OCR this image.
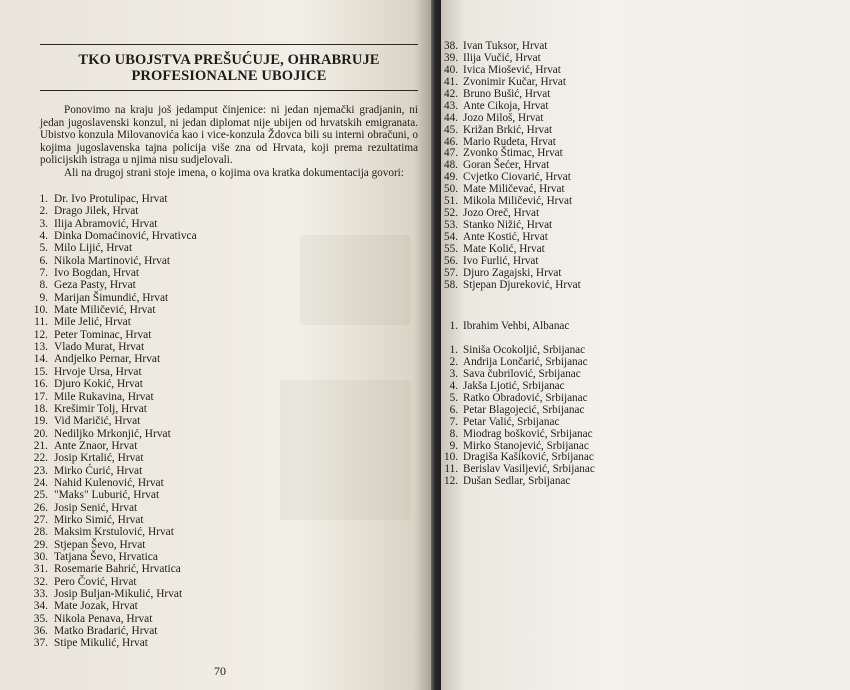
TKO UBOJSTVA PREŠUĆUJE, OHRABRUJE
PROFESIONALNE UBOJICE

Ponovimo na kraju još jedamput činjenice: ni jedan njemački gradjanin, ni jedan jugoslavenski konzul, ni jedan diplomat nije ubijen od hrvatskih emigranata. Ubistvo konzula Milovanovića kao i vice-konzula Ždovca bili su interni obračuni, o kojima jugoslavenska tajna policija više zna od Hrvata, koji prema rezultatima policijskih istraga u njima nisu sudjelovali.

Ali na drugoj strani stoje imena, o kojima ova kratka dokumentacija govori:

1. Dr. Ivo Protulipac, Hrvat
2. Drago Jilek, Hrvat
3. Ilija Abramović, Hrvat
4. Dinka Domaćinović, Hrvativca
5. Milo Lijić, Hrvat
6. Nikola Martinović, Hrvat
7. Ivo Bogdan, Hrvat
8. Geza Pasty, Hrvat
9. Marijan Šimundić, Hrvat
10. Mate Miličević, Hrvat
11. Mile Jelić, Hrvat
12. Peter Tominac, Hrvat
13. Vlado Murat, Hrvat
14. Andjelko Pernar, Hrvat
15. Hrvoje Ursa, Hrvat
16. Djuro Kokić, Hrvat
17. Mile Rukavina, Hrvat
18. Krešimir Tolj, Hrvat
19. Vid Maričić, Hrvat
20. Nediljko Mrkonjić, Hrvat
21. Ante Znaor, Hrvat
22. Josip Krtalić, Hrvat
23. Mirko Ćurić, Hrvat
24. Nahid Kulenović, Hrvat
25. "Maks" Luburić, Hrvat
26. Josip Senić, Hrvat
27. Mirko Simić, Hrvat
28. Maksim Krstulović, Hrvat
29. Stjepan Ševo, Hrvat
30. Tatjana Ševo, Hrvatica
31. Rosemarie Bahrić, Hrvatica
32. Pero Čović, Hrvat
33. Josip Buljan-Mikulić, Hrvat
34. Mate Jozak, Hrvat
35. Nikola Penava, Hrvat
36. Matko Bradarić, Hrvat
37. Stipe Mikulić, Hrvat
70
38. Ivan Tuksor, Hrvat
39. Ilija Vučić, Hrvat
40. Ivica Miošević, Hrvat
41. Zvonimir Kučar, Hrvat
42. Bruno Bušić, Hrvat
43. Ante Cikoja, Hrvat
44. Jozo Miloš, Hrvat
45. Križan Brkić, Hrvat
46. Mario Rudeta, Hrvat
47. Zvonko Štimac, Hrvat
48. Goran Šećer, Hrvat
49. Cvjetko Ciovarić, Hrvat
50. Mate Miličevać, Hrvat
51. Mikola Miličević, Hrvat
52. Jozo Oreč, Hrvat
53. Stanko Nižić, Hrvat
54. Ante Kostić, Hrvat
55. Mate Kolić, Hrvat
56. Ivo Furlić, Hrvat
57. Djuro Zagajski, Hrvat
58. Stjepan Djureković, Hrvat
1. Ibrahim Vehbi, Albanac
1. Siniša Ocokoljić, Srbijanac
2. Andrija Lončarić, Srbijanac
3. Sava čubrilović, Srbijanac
4. Jakša Ljotić, Srbijanac
5. Ratko Obradović, Srbijanac
6. Petar Blagojecić, Srbijanac
7. Petar Valić, Srbijanac
8. Miodrag bošković, Srbijanac
9. Mirko Stanojević, Srbijanac
10. Dragiša Kašiković, Srbijanac
11. Berislav Vasiljević, Srbijanac
12. Dušan Sedlar, Srbijanac
